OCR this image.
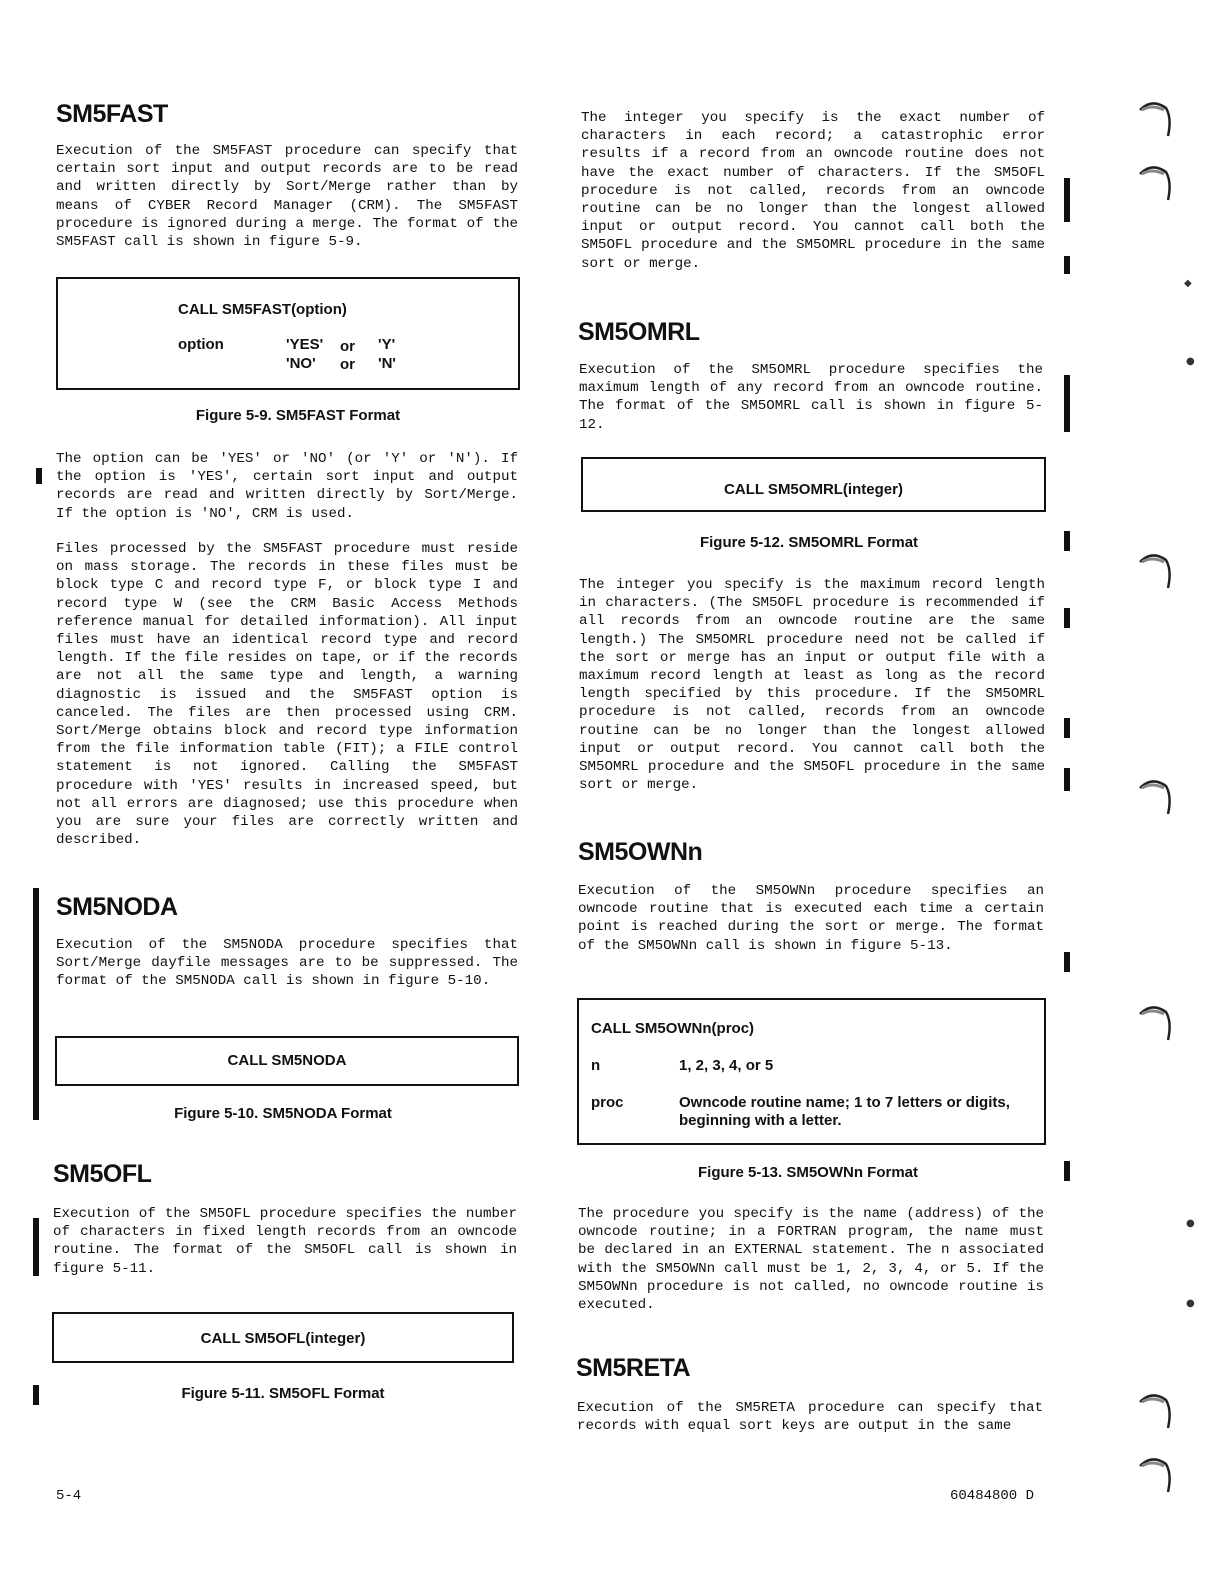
SM5FAST

Execution of the SM5FAST procedure can specify that certain sort input and output records are to be read and written directly by Sort/Merge rather than by means of CYBER Record Manager (CRM). The SM5FAST procedure is ignored during a merge. The format of the SM5FAST call is shown in figure 5-9.

CALL SM5FAST(option)
option	'YES' or 'Y'
'NO' or 'N'
Figure 5-9. SM5FAST Format

The option can be 'YES' or 'NO' (or 'Y' or 'N'). If the option is 'YES', certain sort input and output records are read and written directly by Sort/Merge. If the option is 'NO', CRM is used.

Files processed by the SM5FAST procedure must reside on mass storage. The records in these files must be block type C and record type F, or block type I and record type W (see the CRM Basic Access Methods reference manual for detailed information). All input files must have an identical record type and record length. If the file resides on tape, or if the records are not all the same type and length, a warning diagnostic is issued and the SM5FAST option is canceled. The files are then processed using CRM. Sort/Merge obtains block and record type information from the file information table (FIT); a FILE control statement is not ignored. Calling the SM5FAST procedure with 'YES' results in increased speed, but not all errors are diagnosed; use this procedure when you are sure your files are correctly written and described.

SM5NODA

Execution of the SM5NODA procedure specifies that Sort/Merge dayfile messages are to be suppressed. The format of the SM5NODA call is shown in figure 5-10.

CALL SM5NODA
Figure 5-10. SM5NODA Format
SM5OFL

Execution of the SM5OFL procedure specifies the number of characters in fixed length records from an owncode routine. The format of the SM5OFL call is shown in figure 5-11.

CALL SM5OFL(integer)
Figure 5-11. SM5OFL Format

The integer you specify is the exact number of characters in each record; a catastrophic error results if a record from an owncode routine does not have the exact number of characters. If the SM5OFL procedure is not called, records from an owncode routine can be no longer than the longest allowed input or output record. You cannot call both the SM5OFL procedure and the SM5OMRL procedure in the same sort or merge.

SM5OMRL

Execution of the SM5OMRL procedure specifies the maximum length of any record from an owncode routine. The format of the SM5OMRL call is shown in figure 5-12.

CALL SM5OMRL(integer)
Figure 5-12. SM5OMRL Format

The integer you specify is the maximum record length in characters. (The SM5OFL procedure is recommended if all records from an owncode routine are the same length.) The SM5OMRL procedure need not be called if the sort or merge has an input or output file with a maximum record length at least as long as the record length specified by this procedure. If the SM5OMRL procedure is not called, records from an owncode routine can be no longer than the longest allowed input or output record. You cannot call both the SM5OMRL procedure and the SM5OFL procedure in the same sort or merge.

SM5OWNn

Execution of the SM5OWNn procedure specifies an owncode routine that is executed each time a certain point is reached during the sort or merge. The format of the SM5OWNn call is shown in figure 5-13.

CALL SM5OWNn(proc)
n	1, 2, 3, 4, or 5
proc	Owncode routine name; 1 to 7 letters or digits, beginning with a letter.
Figure 5-13. SM5OWNn Format

The procedure you specify is the name (address) of the owncode routine; in a FORTRAN program, the name must be declared in an EXTERNAL statement. The n associated with the SM5OWNn call must be 1, 2, 3, 4, or 5. If the SM5OWNn procedure is not called, no owncode routine is executed.

SM5RETA

Execution of the SM5RETA procedure can specify that records with equal sort keys are output in the same

◆
●
●
●
5-4	60484800 D
